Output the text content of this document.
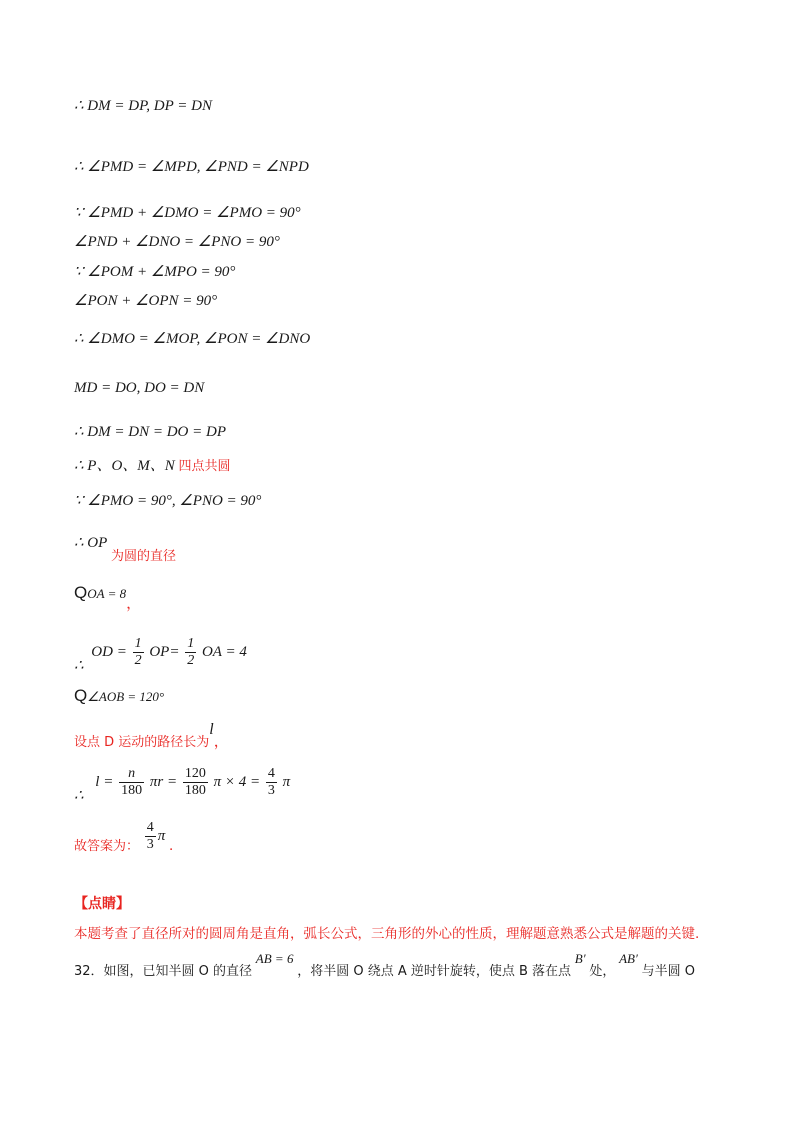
∴ DM = DP, DP = DN
∴ ∠PMD = ∠MPD, ∠PND = ∠NPD
∵ ∠PMD + ∠DMO = ∠PMO = 90°
∠PND + ∠DNO = ∠PNO = 90°
∵ ∠POM + ∠MPO = 90°
∠PON + ∠OPN = 90°
∴ ∠DMO = ∠MOP, ∠PON = ∠DNO
MD = DO, DO = DN
∴ DM = DN = DO = DP
∴ P、O、M、N 四点共圆
∵ ∠PMO = 90°, ∠PNO = 90°
∴ OP 为圆的直径
QOA = 8，
∴ OD = $\frac{1}{2} OP= \frac{1}{2}$ OA = 4
Q∠AOB = 120°
设点 D 运动的路径长为l，
∴ $l = \frac{n}{180}$ $\pi r = \frac{120}{180}$ $\pi \times 4 = \frac{4}{3}$ π
故答案为： $\frac{4}{3} \pi$.
【点睛】
本题考查了直径所对的圆周角是直角，弧长公式，三角形的外心的性质，理解题意熟悉公式是解题的关键.
32．如图，已知半圆 O 的直径 AB = 6 ，将半圆 O 绕点 A 逆时针旋转，使点 B 落在点 B′ 处， AB′ 与半圆 O
